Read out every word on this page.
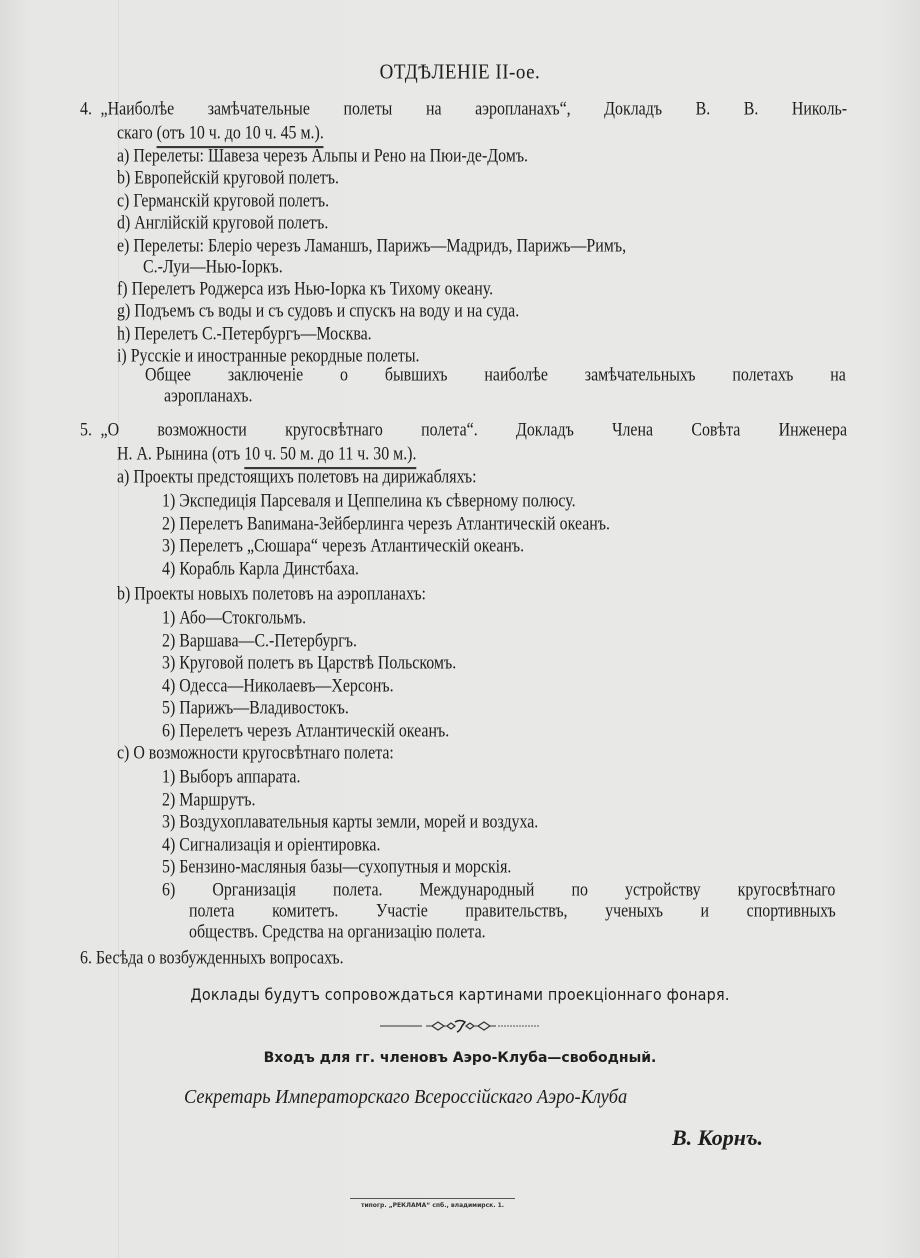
ОТДѢЛЕНІЕ II-ое.
4. „Наиболѣе замѣчательные полеты на аэропланахъ“, Докладъ В. В. Николь-
скаго (отъ 10 ч. до 10 ч. 45 м.).
a) Перелеты: Шавеза черезъ Альпы и Рено на Пюи-де-Домъ.
b) Европейскій круговой полетъ.
c) Германскій круговой полетъ.
d) Англійскій круговой полетъ.
e) Перелеты: Блеріо черезъ Ламаншъ, Парижъ—Мадридъ, Парижъ—Римъ,
С.-Луи—Нью-Іоркъ.
f) Перелетъ Роджерса изъ Нью-Іорка къ Тихому океану.
g) Подъемъ съ воды и съ судовъ и спускъ на воду и на суда.
h) Перелетъ С.-Петербургъ—Москва.
i) Русскіе и иностранные рекордные полеты.
Общее заключеніе о бывшихъ наиболѣе замѣчательныхъ полетахъ на
аэропланахъ.
5. „О возможности кругосвѣтнаго полета“. Докладъ Члена Совѣта Инженера
Н. А. Рынина (отъ 10 ч. 50 м. до 11 ч. 30 м.).
a) Проекты предстоящихъ полетовъ на дирижабляхъ:
1) Экспедиція Парсеваля и Цеппелина къ сѣверному полюсу.
2) Перелетъ Ваnимана-Зейберлинга черезъ Атлантическій океанъ.
3) Перелетъ „Сюшара“ черезъ Атлантическій океанъ.
4) Корабль Карла Динстбаха.
b) Проекты новыхъ полетовъ на аэропланахъ:
1) Або—Стокгольмъ.
2) Варшава—С.-Петербургъ.
3) Круговой полетъ въ Царствѣ Польскомъ.
4) Одесса—Николаевъ—Херсонъ.
5) Парижъ—Владивостокъ.
6) Перелетъ черезъ Атлантическій океанъ.
c) О возможности кругосвѣтнаго полета:
1) Выборъ аппарата.
2) Маршрутъ.
3) Воздухоплавательныя карты земли, морей и воздуха.
4) Сигнализація и оріентировка.
5) Бензино-масляныя базы—сухопутныя и морскія.
6) Организація полета. Международный по устройству кругосвѣтнаго
полета комитетъ. Участіе правительствъ, ученыхъ и спортивныхъ
обществъ. Средства на организацію полета.
6. Бесѣда о возбужденныхъ вопросахъ.
Доклады будутъ сопровождаться картинами проекціоннаго фонаря.
Входъ для гг. членовъ Аэро-Клуба—свободный.
Секретарь Императорскаго Всероссійскаго Аэро-Клуба
В. Корнъ.
типогр. „РЕКЛАМА“ спб., владимирск. 1.
